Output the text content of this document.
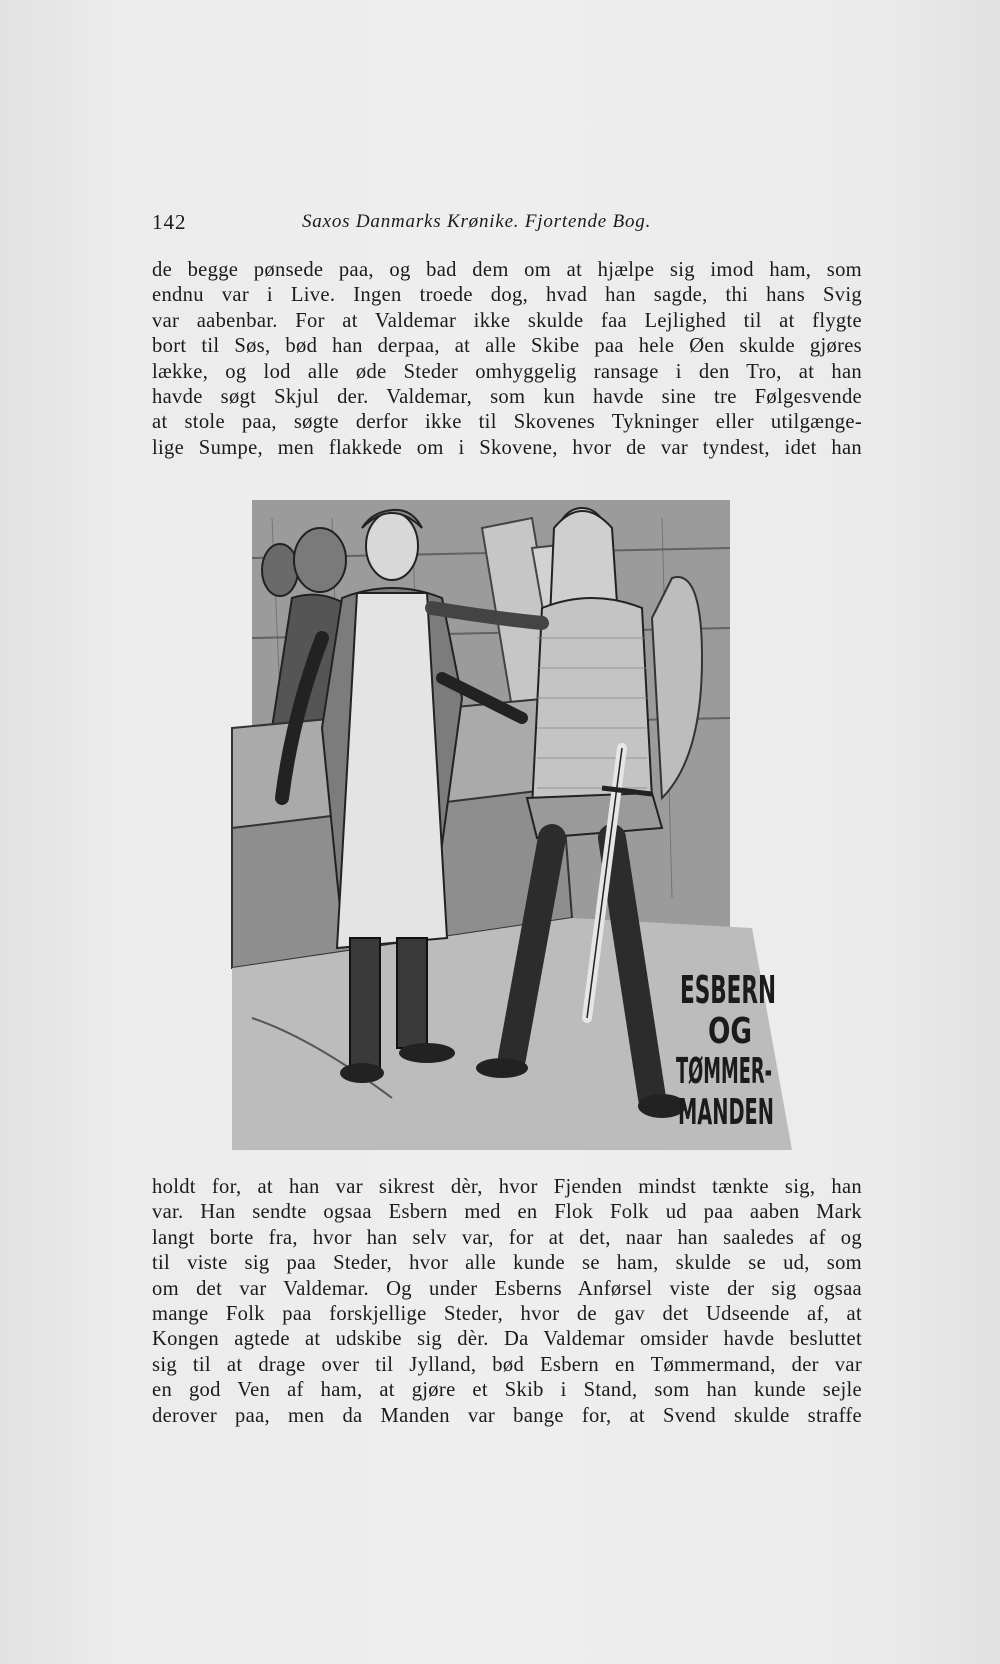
142	Saxos Danmarks Krønike. Fjortende Bog.
de begge pønsede paa, og bad dem om at hjælpe sig imod ham, som
endnu var i Live. Ingen troede dog, hvad han sagde, thi hans Svig
var aabenbar. For at Valdemar ikke skulde faa Lejlighed til at flygte
bort til Søs, bød han derpaa, at alle Skibe paa hele Øen skulde gjøres
lække, og lod alle øde Steder omhyggelig ransage i den Tro, at han
havde søgt Skjul der. Valdemar, som kun havde sine tre Følgesvende
at stole paa, søgte derfor ikke til Skovenes Tykninger eller utilgænge-
lige Sumpe, men flakkede om i Skovene, hvor de var tyndest, idet han
ESBERN
OG
TØMMER-
MANDEN
holdt for, at han var sikrest dèr, hvor Fjenden mindst tænkte sig, han
var. Han sendte ogsaa Esbern med en Flok Folk ud paa aaben Mark
langt borte fra, hvor han selv var, for at det, naar han saaledes af og
til viste sig paa Steder, hvor alle kunde se ham, skulde se ud, som
om det var Valdemar. Og under Esberns Anførsel viste der sig ogsaa
mange Folk paa forskjellige Steder, hvor de gav det Udseende af, at
Kongen agtede at udskibe sig dèr. Da Valdemar omsider havde besluttet
sig til at drage over til Jylland, bød Esbern en Tømmermand, der var
en god Ven af ham, at gjøre et Skib i Stand, som han kunde sejle
derover paa, men da Manden var bange for, at Svend skulde straffe
